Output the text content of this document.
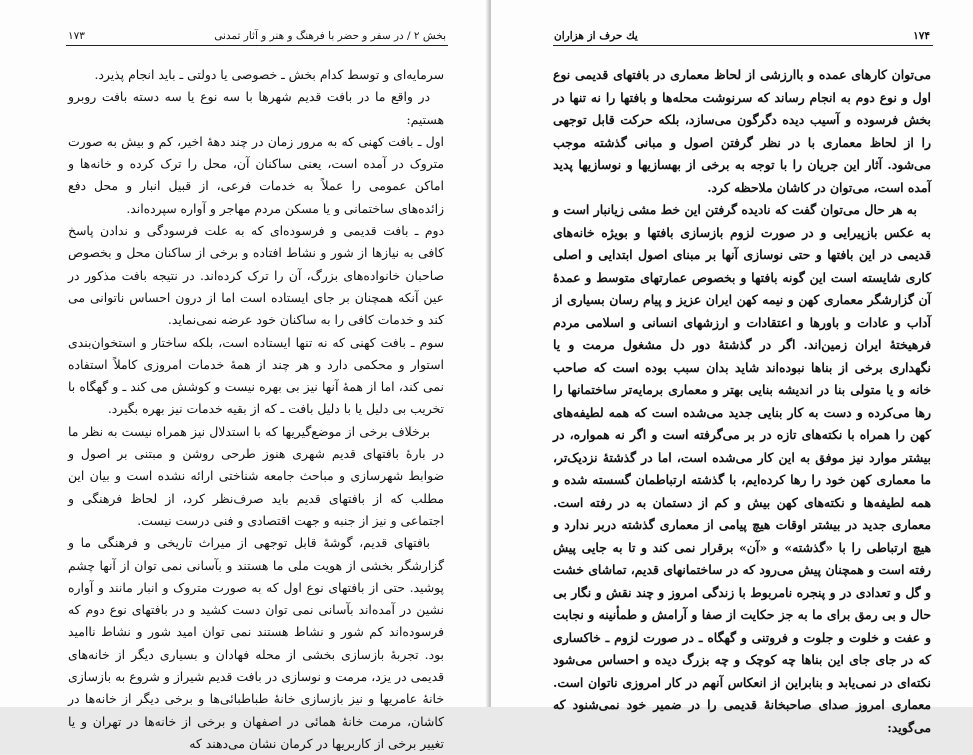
بخش ۲ / در سفر و حضر با فرهنگ و هنر و آثار تمدنی
۱۷۳

سرمایه‌ای و توسط کدام بخش ـ خصوصی یا دولتی ـ باید انجام پذیرد.

در واقع ما در بافت قدیم شهرها با سه نوع یا سه دسته بافت روبرو هستیم:

اول ـ بافت کهنی که به مرور زمان در چند دههٔ اخیر، کم و بیش به صورت متروک در آمده است، یعنی ساکنان آن، محل را ترک کرده و خانه‌ها و اماکن عمومی را عملاً به خدمات فرعی، از قبیل انبار و محل دفع زائده‌های ساختمانی و یا مسکن مردم مهاجر و آواره سپرده‌اند.

دوم ـ بافت قدیمی و فرسوده‌ای که به علت فرسودگی و ندادن پاسخ کافی به نیازها از شور و نشاط افتاده و برخی از ساکنان محل و بخصوص صاحبان خانواده‌های بزرگ، آن را ترک کرده‌اند. در نتیجه بافت مذکور در عین آنکه همچنان بر جای ایستاده است اما از درون احساس ناتوانی می کند و خدمات کافی را به ساکنان خود عرضه نمی‌نماید.

سوم ـ بافت کهنی که نه تنها ایستاده است، بلکه ساختار و استخوان‌بندی استوار و محکمی دارد و هر چند از همهٔ خدمات امروزی کاملاً استفاده نمی کند، اما از همهٔ آنها نیز بی بهره نیست و کوشش می کند ـ و گهگاه با تخریب بی دلیل یا با دلیل بافت ـ که از بقیه خدمات نیز بهره بگیرد.

برخلاف برخی از موضع‌گیریها که با استدلال نیز همراه نیست به نظر ما در بارهٔ بافتهای قدیم شهری هنوز طرحی روشن و مبتنی بر اصول و ضوابط شهرسازی و مباحث جامعه شناختی ارائه نشده است و بیان این مطلب که از بافتهای قدیم باید صرف‌نظر کرد، از لحاظ فرهنگی و اجتماعی و نیز از جنبه و جهت اقتصادی و فنی درست نیست.

بافتهای قدیم، گوشهٔ قابل توجهی از میراث تاریخی و فرهنگی ما و گزارشگر بخشی از هویت ملی ما هستند و بآسانی نمی توان از آنها چشم پوشید. حتی از بافتهای نوع اول که به صورت متروک و انبار مانند و آواره نشین در آمده‌اند بآسانی نمی توان دست کشید و در بافتهای نوع دوم که فرسوده‌اند کم شور و نشاط هستند نمی توان امید شور و نشاط ناامید بود. تجربهٔ بازسازی بخشی از محله فهادان و بسیاری دیگر از خانه‌های قدیمی در یزد، مرمت و نوسازی در بافت قدیم شیراز و شروع به بازسازی خانهٔ عامریها و نیز بازسازی خانهٔ طباطبائی‌ها و برخی دیگر از خانه‌ها در کاشان، مرمت خانهٔ همائی در اصفهان و برخی از خانه‌ها در تهران و یا تغییر برخی از کاربریها در کرمان نشان می‌دهند که

۱۷۴
یك حرف از هزاران

می‌توان کارهای عمده و باارزشی از لحاظ معماری در بافتهای قدیمی نوع اول و نوع دوم به انجام رساند که سرنوشت محله‌ها و بافتها را نه تنها در بخش فرسوده و آسیب دیده دگرگون می‌سازد، بلکه حرکت قابل توجهی را از لحاظ معماری با در نظر گرفتن اصول و مبانی گذشته موجب می‌شود. آثار این جریان را با توجه به برخی از بهسازیها و نوسازیها پدید آمده است، می‌توان در کاشان ملاحظه کرد.

به هر حال می‌توان گفت که نادیده گرفتن این خط مشی زیانبار است و به عکس بازپیرایی و در صورت لزوم بازسازی بافتها و بویژه خانه‌های قدیمی در این بافتها و حتی نوسازی آنها بر مبنای اصول ابتدایی و اصلی کاری شایسته است این گونه بافتها و بخصوص عمارتهای متوسط و عمدهٔ آن گزارشگر معماری کهن و نیمه کهن ایران عزیز و پیام رسان بسیاری از آداب و عادات و باورها و اعتقادات و ارزشهای انسانی و اسلامی مردم فرهیختهٔ ایران زمین‌اند. اگر در گذشتهٔ دور دل مشغول مرمت و یا نگهداری برخی از بناها نبوده‌اند شاید بدان سبب بوده است که صاحب خانه و یا متولی بنا در اندیشه بنایی بهتر و معماری برمایه‌تر ساختمانها را رها می‌کرده و دست به کار بنایی جدید می‌شده است که همه لطیفه‌های کهن را همراه با نکته‌های تازه در بر می‌گرفته است و اگر نه همواره، در بیشتر موارد نیز موفق به این کار می‌شده است، اما در گذشتهٔ نزدیک‌تر، ما معماری کهن خود را رها کرده‌ایم، با گذشته ارتباطمان گسسته شده و همه لطیفه‌ها و نکته‌های کهن بیش و کم از دستمان به در رفته است. معماری جدید در بیشتر اوقات هیچ پیامی از معماری گذشته دربر ندارد و هیچ ارتباطی را با «گذشته» و «آن» برقرار نمی کند و تا به جایی پیش رفته است و همچنان پیش می‌رود که در ساختمانهای قدیم، تماشای خشت و گل و تعدادی در و پنجره نامربوط با زندگی امروز و چند نقش و نگار بی حال و بی رمق برای ما به جز حکایت از صفا و آرامش و طمأنینه و نجابت و عفت و خلوت و جلوت و فروتنی و گهگاه ـ در صورت لزوم ـ خاکساری که در جای جای این بناها چه کوچک و چه بزرگ دیده و احساس می‌شود نکته‌ای در نمی‌یابد و بنابراین از انعکاس آنهم در کار امروزی ناتوان است. معماری امروز صدای صاحبخانهٔ قدیمی را در ضمیر خود نمی‌شنود که می‌گوید:
